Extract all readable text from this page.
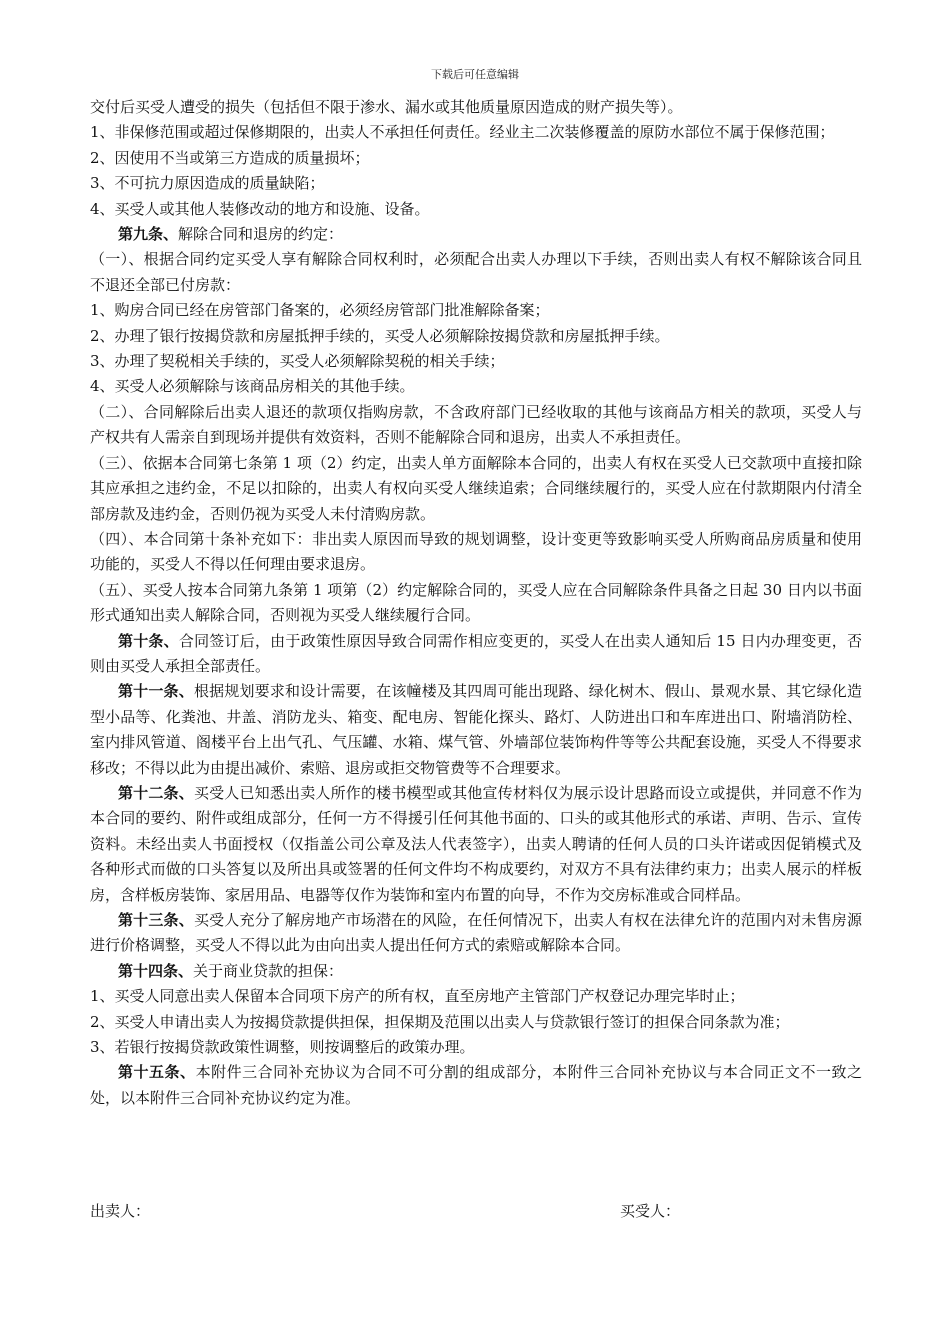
下载后可任意编辑

交付后买受人遭受的损失（包括但不限于渗水、漏水或其他质量原因造成的财产损失等）。

1、非保修范围或超过保修期限的，出卖人不承担任何责任。经业主二次装修覆盖的原防水部位不属于保修范围；

2、因使用不当或第三方造成的质量损坏；

3、不可抗力原因造成的质量缺陷；

4、买受人或其他人装修改动的地方和设施、设备。

第九条、解除合同和退房的约定：

（一）、根据合同约定买受人享有解除合同权利时，必须配合出卖人办理以下手续，否则出卖人有权不解除该合同且不退还全部已付房款：

1、购房合同已经在房管部门备案的，必须经房管部门批准解除备案；

2、办理了银行按揭贷款和房屋抵押手续的，买受人必须解除按揭贷款和房屋抵押手续。

3、办理了契税相关手续的，买受人必须解除契税的相关手续；

4、买受人必须解除与该商品房相关的其他手续。

（二）、合同解除后出卖人退还的款项仅指购房款，不含政府部门已经收取的其他与该商品方相关的款项，买受人与产权共有人需亲自到现场并提供有效资料，否则不能解除合同和退房，出卖人不承担责任。

（三）、依据本合同第七条第 1 项（2）约定，出卖人单方面解除本合同的，出卖人有权在买受人已交款项中直接扣除其应承担之违约金，不足以扣除的，出卖人有权向买受人继续追索；合同继续履行的，买受人应在付款期限内付清全部房款及违约金，否则仍视为买受人未付清购房款。

（四）、本合同第十条补充如下：非出卖人原因而导致的规划调整，设计变更等致影响买受人所购商品房质量和使用功能的，买受人不得以任何理由要求退房。

（五）、买受人按本合同第九条第 1 项第（2）约定解除合同的，买受人应在合同解除条件具备之日起 30 日内以书面形式通知出卖人解除合同，否则视为买受人继续履行合同。

第十条、合同签订后，由于政策性原因导致合同需作相应变更的，买受人在出卖人通知后 15 日内办理变更，否则由买受人承担全部责任。

第十一条、根据规划要求和设计需要，在该幢楼及其四周可能出现路、绿化树木、假山、景观水景、其它绿化造型小品等、化粪池、井盖、消防龙头、箱变、配电房、智能化探头、路灯、人防进出口和车库进出口、附墙消防栓、室内排风管道、阁楼平台上出气孔、气压罐、水箱、煤气管、外墙部位装饰构件等等公共配套设施，买受人不得要求移改；不得以此为由提出减价、索赔、退房或拒交物管费等不合理要求。

第十二条、买受人已知悉出卖人所作的楼书模型或其他宣传材料仅为展示设计思路而设立或提供，并同意不作为本合同的要约、附件或组成部分，任何一方不得援引任何其他书面的、口头的或其他形式的承诺、声明、告示、宣传资料。未经出卖人书面授权（仅指盖公司公章及法人代表签字），出卖人聘请的任何人员的口头许诺或因促销模式及各种形式而做的口头答复以及所出具或签署的任何文件均不构成要约，对双方不具有法律约束力；出卖人展示的样板房，含样板房装饰、家居用品、电器等仅作为装饰和室内布置的向导，不作为交房标准或合同样品。

第十三条、买受人充分了解房地产市场潜在的风险，在任何情况下，出卖人有权在法律允许的范围内对未售房源进行价格调整，买受人不得以此为由向出卖人提出任何方式的索赔或解除本合同。

第十四条、关于商业贷款的担保：

1、买受人同意出卖人保留本合同项下房产的所有权，直至房地产主管部门产权登记办理完毕时止；

2、买受人申请出卖人为按揭贷款提供担保，担保期及范围以出卖人与贷款银行签订的担保合同条款为准；

3、若银行按揭贷款政策性调整，则按调整后的政策办理。

第十五条、本附件三合同补充协议为合同不可分割的组成部分，本附件三合同补充协议与本合同正文不一致之处，以本附件三合同补充协议约定为准。

出卖人：	买受人：
